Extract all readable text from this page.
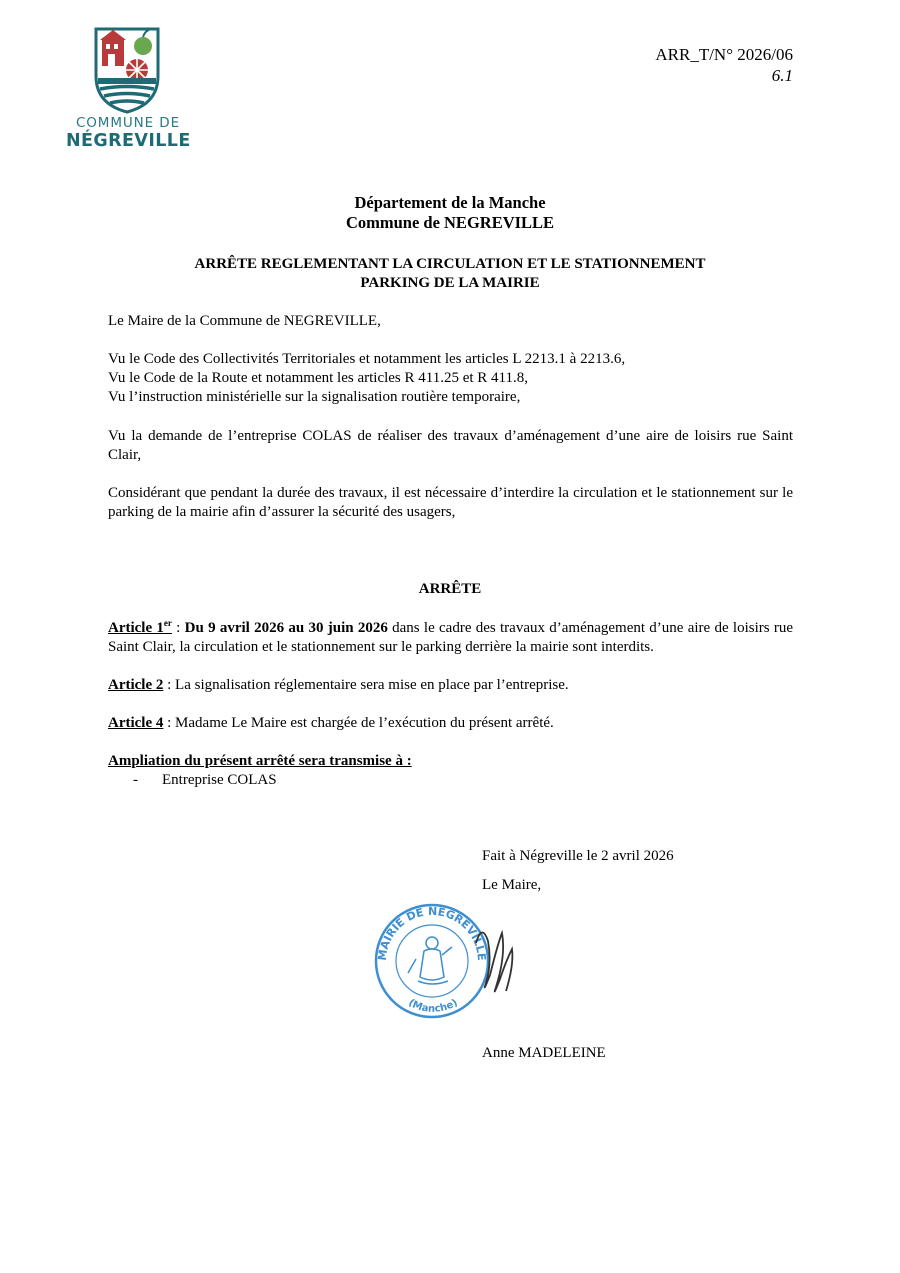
COMMUNE DE
NÉGREVILLE
ARR_T/N° 2026/06
6.1
Département de la Manche
Commune de NEGREVILLE
ARRÊTE REGLEMENTANT LA CIRCULATION ET LE STATIONNEMENT
PARKING DE LA MAIRIE
Le Maire de la Commune de NEGREVILLE,
Vu le Code des Collectivités Territoriales et notamment les articles L 2213.1 à 2213.6,
Vu le Code de la Route et notamment les articles R 411.25 et R 411.8,
Vu l’instruction ministérielle sur la signalisation routière temporaire,
Vu la demande de l’entreprise COLAS de réaliser des travaux d’aménagement d’une aire de loisirs rue Saint Clair,
Considérant que pendant la durée des travaux, il est nécessaire d’interdire la circulation et le stationnement sur le parking de la mairie afin d’assurer la sécurité des usagers,
ARRÊTE
Article 1er : Du 9 avril 2026 au 30 juin 2026 dans le cadre des travaux d’aménagement d’une aire de loisirs rue Saint Clair, la circulation et le stationnement sur le parking derrière la mairie sont interdits.
Article 2 : La signalisation réglementaire sera mise en place par l’entreprise.
Article 4 : Madame Le Maire est chargée de l’exécution du présent arrêté.
Ampliation du présent arrêté sera transmise à :
- Entreprise COLAS
Fait à Négreville le 2 avril 2026
Le Maire,
MAIRIE DE NÉGREVILLE
(Manche)
Anne MADELEINE
